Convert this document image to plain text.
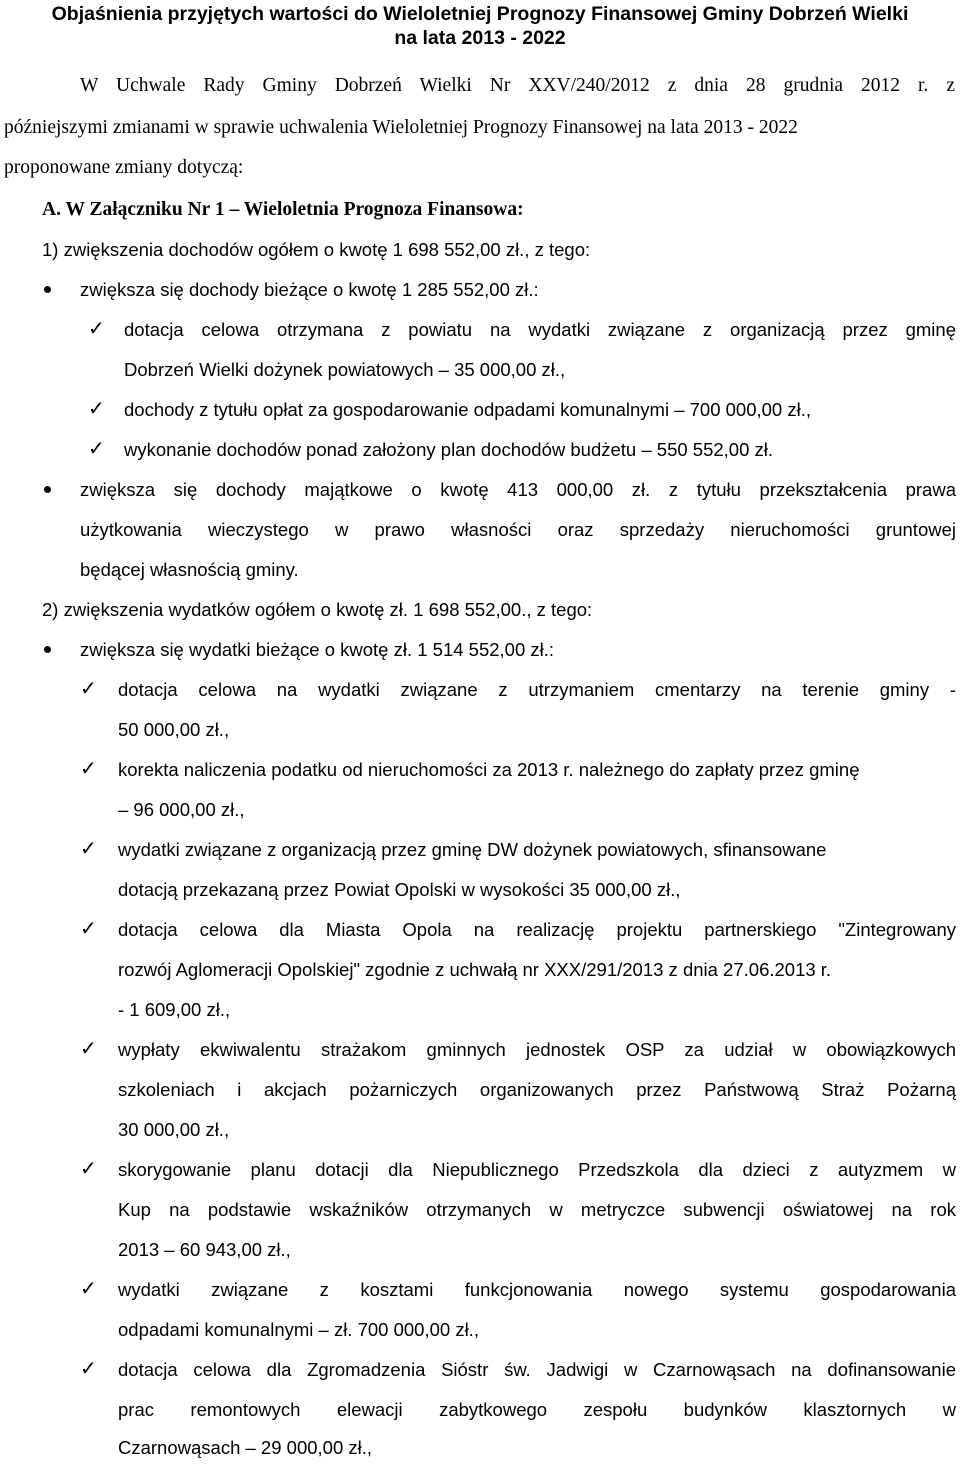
Objaśnienia przyjętych wartości do Wieloletniej Prognozy Finansowej Gminy Dobrzeń Wielki
na lata 2013 - 2022
W Uchwale Rady Gminy Dobrzeń Wielki Nr XXV/240/2012 z dnia 28 grudnia 2012 r. z
późniejszymi zmianami w sprawie uchwalenia Wieloletniej Prognozy Finansowej na lata 2013 - 2022
proponowane zmiany dotyczą:
A. W Załączniku Nr 1 – Wieloletnia Prognoza Finansowa:
1) zwiększenia dochodów ogółem o kwotę 1 698 552,00 zł., z tego:
zwiększa się dochody bieżące o kwotę 1 285 552,00 zł.:
✓ dotacja celowa otrzymana z powiatu na wydatki związane z organizacją przez gminę
Dobrzeń Wielki dożynek powiatowych – 35 000,00 zł.,
✓ dochody z tytułu opłat za gospodarowanie odpadami komunalnymi – 700 000,00 zł.,
✓ wykonanie dochodów ponad założony plan dochodów budżetu – 550 552,00 zł.
zwiększa się dochody majątkowe o kwotę 413 000,00 zł. z tytułu przekształcenia prawa
użytkowania wieczystego w prawo własności oraz sprzedaży nieruchomości gruntowej
będącej własnością gminy.
2) zwiększenia wydatków ogółem o kwotę zł. 1 698 552,00., z tego:
zwiększa się wydatki bieżące o kwotę zł. 1 514 552,00 zł.:
✓ dotacja celowa na wydatki związane z utrzymaniem cmentarzy na terenie gminy -
50 000,00 zł.,
✓ korekta naliczenia podatku od nieruchomości za 2013 r. należnego do zapłaty przez gminę
– 96 000,00 zł.,
✓ wydatki związane z organizacją przez gminę DW dożynek powiatowych, sfinansowane
dotacją przekazaną przez Powiat Opolski w wysokości 35 000,00 zł.,
✓ dotacja celowa dla Miasta Opola na realizację projektu partnerskiego "Zintegrowany
rozwój Aglomeracji Opolskiej" zgodnie z uchwałą nr XXX/291/2013 z dnia 27.06.2013 r.
- 1 609,00 zł.,
✓ wypłaty ekwiwalentu strażakom gminnych jednostek OSP za udział w obowiązkowych
szkoleniach i akcjach pożarniczych organizowanych przez Państwową Straż Pożarną
30 000,00 zł.,
✓ skorygowanie planu dotacji dla Niepublicznego Przedszkola dla dzieci z autyzmem w
Kup na podstawie wskaźników otrzymanych w metryczce subwencji oświatowej na rok
2013 – 60 943,00 zł.,
✓ wydatki związane z kosztami funkcjonowania nowego systemu gospodarowania
odpadami komunalnymi – zł. 700 000,00 zł.,
✓ dotacja celowa dla Zgromadzenia Sióstr św. Jadwigi w Czarnowąsach na dofinansowanie
prac remontowych elewacji zabytkowego zespołu budynków klasztornych w
Czarnowąsach – 29 000,00 zł.,
